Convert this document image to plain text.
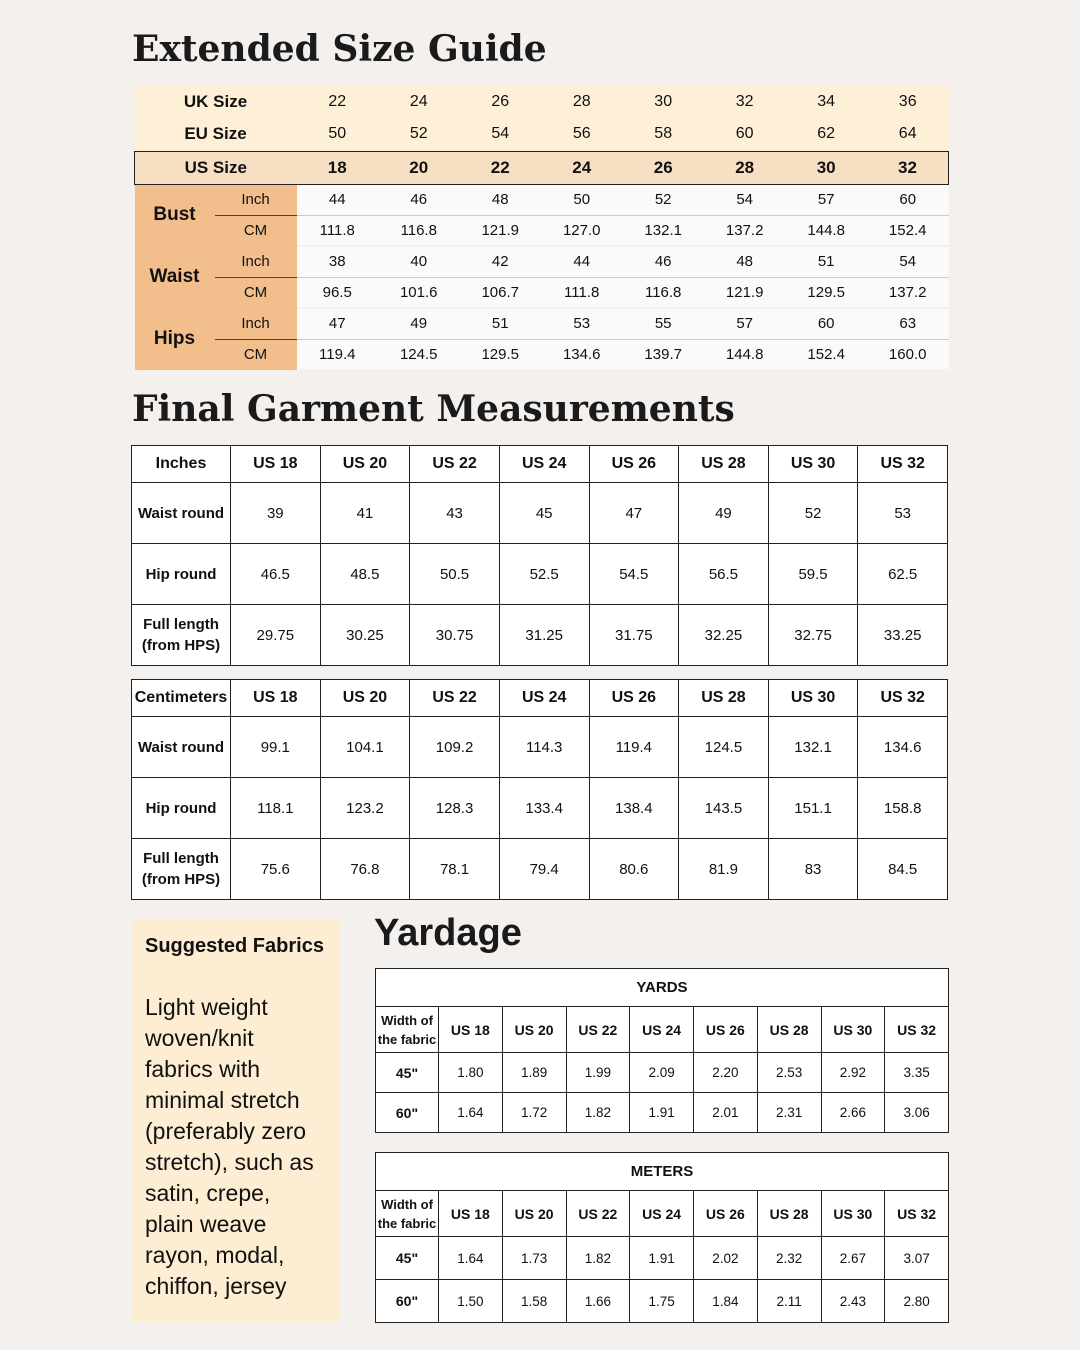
Extended Size Guide
UK Size		22	24	26	28	30	32	34	36
EU Size		50	52	54	56	58	60	62	64
US Size		18	20	22	24	26	28	30	32
Bust	Inch	44	46	48	50	52	54	57	60
	CM	111.8	116.8	121.9	127.0	132.1	137.2	144.8	152.4
Waist	Inch	38	40	42	44	46	48	51	54
	CM	96.5	101.6	106.7	111.8	116.8	121.9	129.5	137.2
Hips	Inch	47	49	51	53	55	57	60	63
	CM	119.4	124.5	129.5	134.6	139.7	144.8	152.4	160.0
Final Garment Measurements
Inches	US 18	US 20	US 22	US 24	US 26	US 28	US 30	US 32
Waist round	39	41	43	45	47	49	52	53
Hip round	46.5	48.5	50.5	52.5	54.5	56.5	59.5	62.5
Full length
(from HPS)	29.75	30.25	30.75	31.25	31.75	32.25	32.75	33.25
Centimeters	US 18	US 20	US 22	US 24	US 26	US 28	US 30	US 32
Waist round	99.1	104.1	109.2	114.3	119.4	124.5	132.1	134.6
Hip round	118.1	123.2	128.3	133.4	138.4	143.5	151.1	158.8
Full length
(from HPS)	75.6	76.8	78.1	79.4	80.6	81.9	83	84.5
Suggested Fabrics
Light weight woven/knit fabrics with minimal stretch (preferably zero stretch), such as satin, crepe, plain weave rayon, modal, chiffon, jersey
Yardage
YARDS								
Width of
the fabric	US 18	US 20	US 22	US 24	US 26	US 28	US 30	US 32
45"	1.80	1.89	1.99	2.09	2.20	2.53	2.92	3.35
60"	1.64	1.72	1.82	1.91	2.01	2.31	2.66	3.06
METERS								
Width of
the fabric	US 18	US 20	US 22	US 24	US 26	US 28	US 30	US 32
45"	1.64	1.73	1.82	1.91	2.02	2.32	2.67	3.07
60"	1.50	1.58	1.66	1.75	1.84	2.11	2.43	2.80
